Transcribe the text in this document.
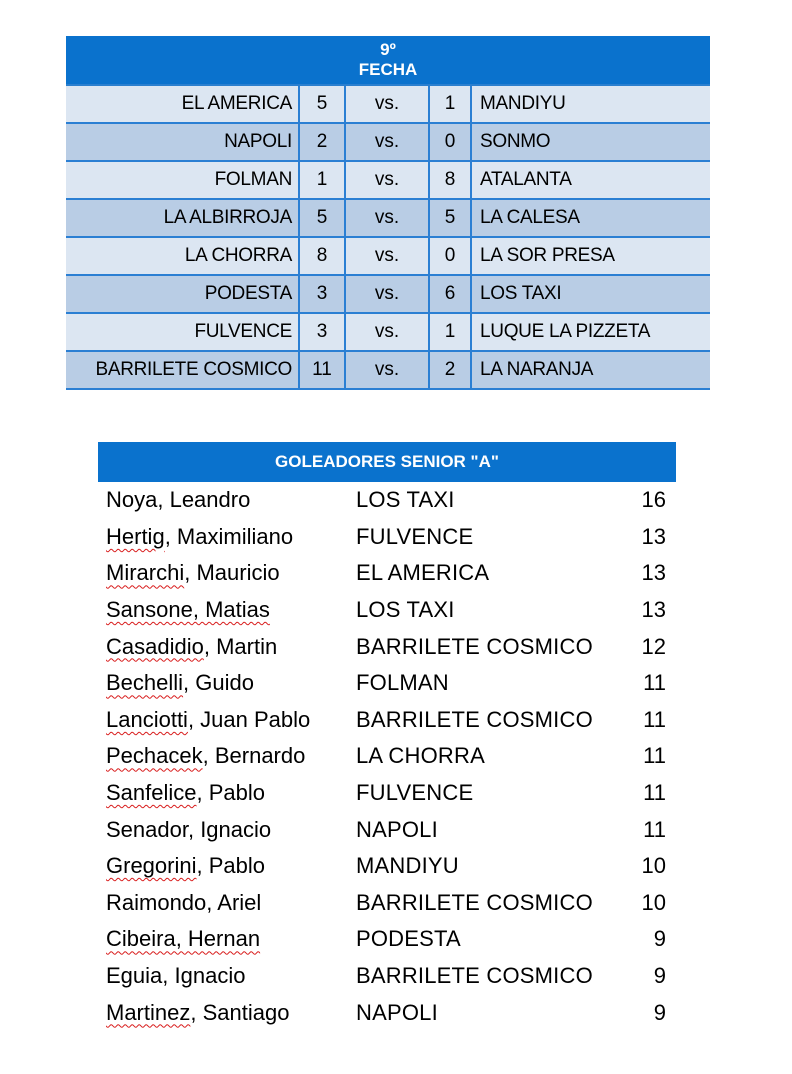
9º
FECHA
EL AMERICA	5	vs.	1	MANDIYU
NAPOLI	2	vs.	0	SONMO
FOLMAN	1	vs.	8	ATALANTA
LA ALBIRROJA	5	vs.	5	LA CALESA
LA CHORRA	8	vs.	0	LA SOR PRESA
PODESTA	3	vs.	6	LOS TAXI
FULVENCE	3	vs.	1	LUQUE LA PIZZETA
BARRILETE COSMICO	11	vs.	2	LA NARANJA
GOLEADORES SENIOR "A"
Noya, Leandro	LOS TAXI	16
Hertig, Maximiliano	FULVENCE	13
Mirarchi, Mauricio	EL AMERICA	13
Sansone, Matias	LOS TAXI	13
Casadidio, Martin	BARRILETE COSMICO 12
Bechelli, Guido	FOLMAN	11
Lanciotti, Juan Pablo BARRILETE COSMICO 11
Pechacek, Bernardo LA CHORRA	11
Sanfelice, Pablo	FULVENCE	11
Senador, Ignacio	NAPOLI	11
Gregorini, Pablo	MANDIYU	10
Raimondo, Ariel	BARRILETE COSMICO 10
Cibeira, Hernan	PODESTA	9
Eguia, Ignacio	BARRILETE COSMICO	9
Martinez, Santiago	NAPOLI	9
